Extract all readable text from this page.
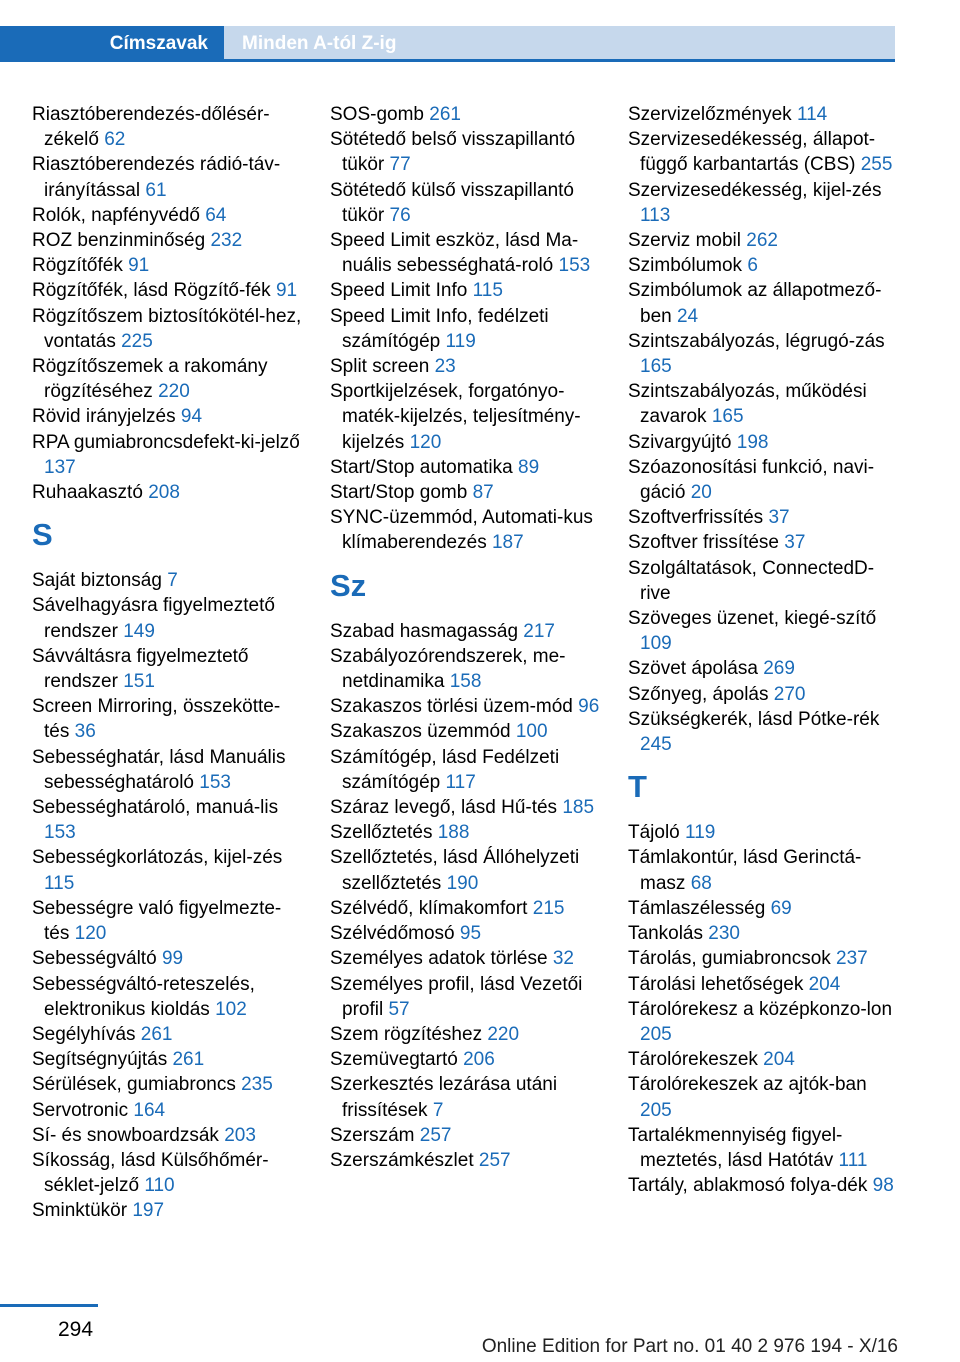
Címszavak Minden A-tól Z-ig
Riasztóberendezés-dőlésér-zékelő 62
Riasztóberendezés rádió-táv-irányítással 61
Rolók, napfényvédő 64
ROZ benzinminőség 232
Rögzítőfék 91
Rögzítőfék, lásd Rögzítő-fék 91
Rögzítőszem biztosítókötél-hez, vontatás 225
Rögzítőszemek a rakomány rögzítéséhez 220
Rövid irányjelzés 94
RPA gumiabroncsdefekt-ki-jelző 137
Ruhaakasztó 208
S
Saját biztonság 7
Sávelhagyásra figyelmeztető rendszer 149
Sávváltásra figyelmeztető rendszer 151
Screen Mirroring, összekötte-tés 36
Sebességhatár, lásd Manuális sebességhatároló 153
Sebességhatároló, manuá-lis 153
Sebességkorlátozás, kijel-zés 115
Sebességre való figyelmezte-tés 120
Sebességváltó 99
Sebességváltó-reteszelés, elektronikus kioldás 102
Segélyhívás 261
Segítségnyújtás 261
Sérülések, gumiabroncs 235
Servotronic 164
Sí- és snowboardzsák 203
Síkosság, lásd Külsőhőmér-séklet-jelző 110
Sminktükör 197
SOS-gomb 261
Sötétedő belső visszapillantó tükör 77
Sötétedő külső visszapillantó tükör 76
Speed Limit eszköz, lásd Ma-nuális sebességhatá-roló 153
Speed Limit Info 115
Speed Limit Info, fedélzeti számítógép 119
Split screen 23
Sportkijelzések, forgatónyo-maték-kijelzés, teljesítmény-kijelzés 120
Start/Stop automatika 89
Start/Stop gomb 87
SYNC-üzemmód, Automati-kus klímaberendezés 187
Sz
Szabad hasmagasság 217
Szabályozórendszerek, me-netdinamika 158
Szakaszos törlési üzem-mód 96
Szakaszos üzemmód 100
Számítógép, lásd Fedélzeti számítógép 117
Száraz levegő, lásd Hű-tés 185
Szellőztetés 188
Szellőztetés, lásd Állóhelyzeti szellőztetés 190
Szélvédő, klímakomfort 215
Szélvédőmosó 95
Személyes adatok törlése 32
Személyes profil, lásd Vezetői profil 57
Szem rögzítéshez 220
Szemüvegtartó 206
Szerkesztés lezárása utáni frissítések 7
Szerszám 257
Szerszámkészlet 257
Szervizelőzmények 114
Szervizesedékesség, állapot-függő karbantartás (CBS) 255
Szervizesedékesség, kijel-zés 113
Szerviz mobil 262
Szimbólumok 6
Szimbólumok az állapotmező-ben 24
Szintszabályozás, légrugó-zás 165
Szintszabályozás, működési zavarok 165
Szivargyújtó 198
Szóazonosítási funkció, navi-gáció 20
Szoftverfrissítés 37
Szoftver frissítése 37
Szolgáltatások, ConnectedD-rive
Szöveges üzenet, kiegé-szítő 109
Szövet ápolása 269
Szőnyeg, ápolás 270
Szükségkerék, lásd Pótke-rék 245
T
Tájoló 119
Támlakontúr, lásd Gerinctá-masz 68
Támlaszélesség 69
Tankolás 230
Tárolás, gumiabroncsok 237
Tárolási lehetőségek 204
Tárolórekesz a középkonzo-lon 205
Tárolórekeszek 204
Tárolórekeszek az ajtók-ban 205
Tartalékmennyiség figyel-meztetés, lásd Hatótáv 111
Tartály, ablakmosó folya-dék 98
294
Online Edition for Part no. 01 40 2 976 194 - X/16
